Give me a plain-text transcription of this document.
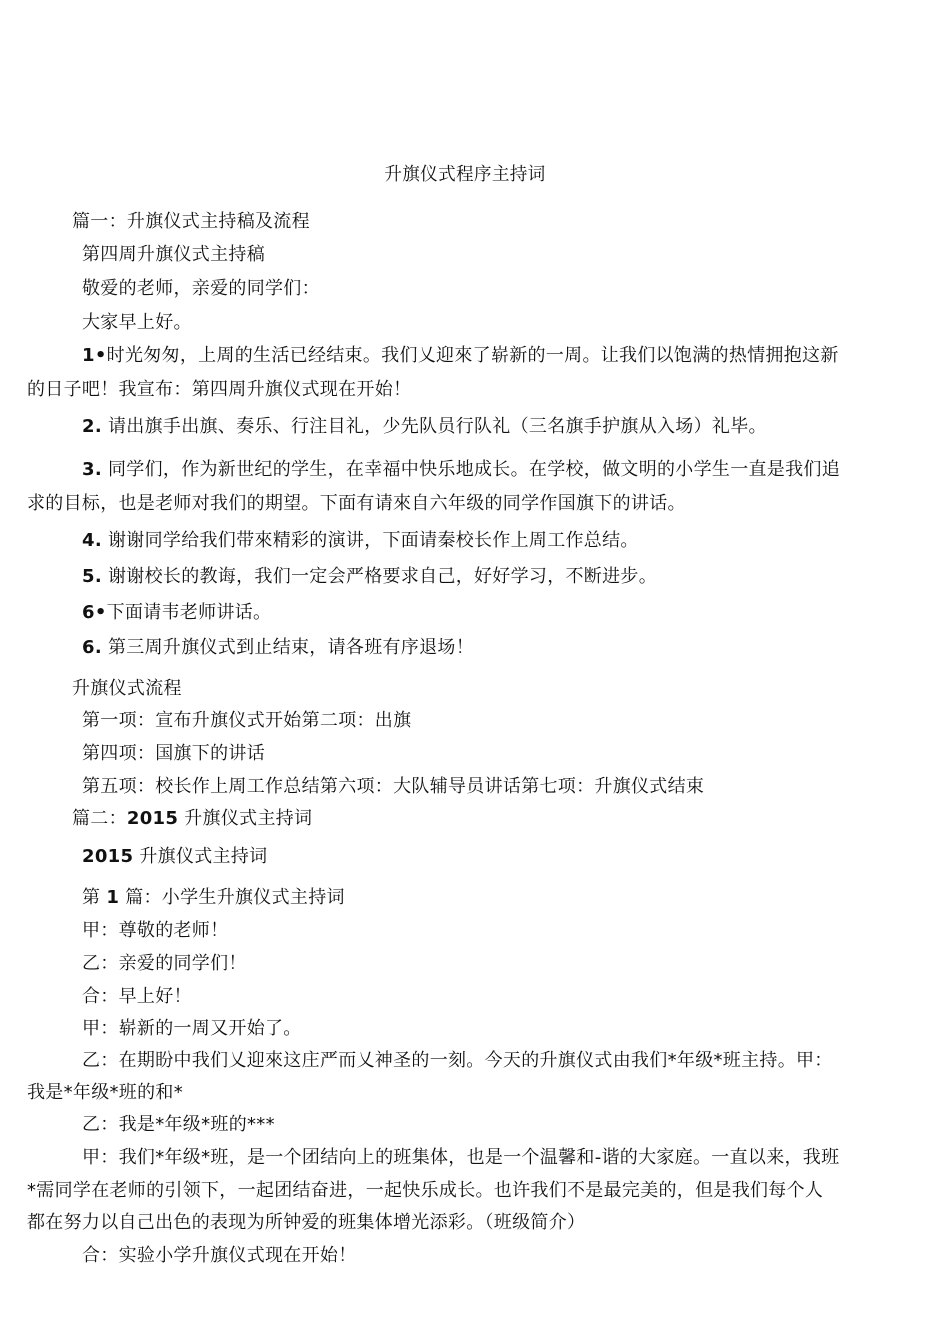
升旗仪式程序主持词
篇一：升旗仪式主持稿及流程
第四周升旗仪式主持稿
敬爱的老师，亲爱的同学们：
大家早上好。
1•时光匆匆，上周的生活已经结束。我们乂迎來了崭新的一周。让我们以饱满的热情拥抱这新
的日子吧！我宣布：第四周升旗仪式现在开始！
2. 请出旗手出旗、奏乐、行注目礼，少先队员行队礼（三名旗手护旗从入场）礼毕。
3. 同学们，作为新世纪的学生，在幸福中快乐地成长。在学校，做文明的小学生一直是我们追
求的目标，也是老师对我们的期望。下面有请來自六年级的同学作国旗下的讲话。
4. 谢谢同学给我们带來精彩的演讲，下面请秦校长作上周工作总结。
5. 谢谢校长的教诲，我们一定会严格要求自己，好好学习，不断进步。
6•下面请韦老师讲话。
6. 第三周升旗仪式到止结束，请各班有序退场！
升旗仪式流程
第一项：宣布升旗仪式开始第二项：出旗
第四项：国旗下的讲话
第五项：校长作上周工作总结第六项：大队辅导员讲话第七项：升旗仪式结束
篇二：2015 升旗仪式主持词
2015 升旗仪式主持词
第 1 篇：小学生升旗仪式主持词
甲：尊敬的老师！
乙：亲爱的同学们！
合：早上好！
甲：崭新的一周又开始了。
乙：在期盼中我们乂迎來这庄严而乂神圣的一刻。今天的升旗仪式由我们*年级*班主持。甲：
我是*年级*班的和*
乙：我是*年级*班的***
甲：我们*年级*班，是一个团结向上的班集体，也是一个温馨和-谐的大家庭。一直以来，我班
*需同学在老师的引领下，一起团结奋进，一起快乐成长。也许我们不是最完美的，但是我们每个人
都在努力以自己出色的表现为所钟爱的班集体增光添彩。（班级简介）
合：实验小学升旗仪式现在开始！
